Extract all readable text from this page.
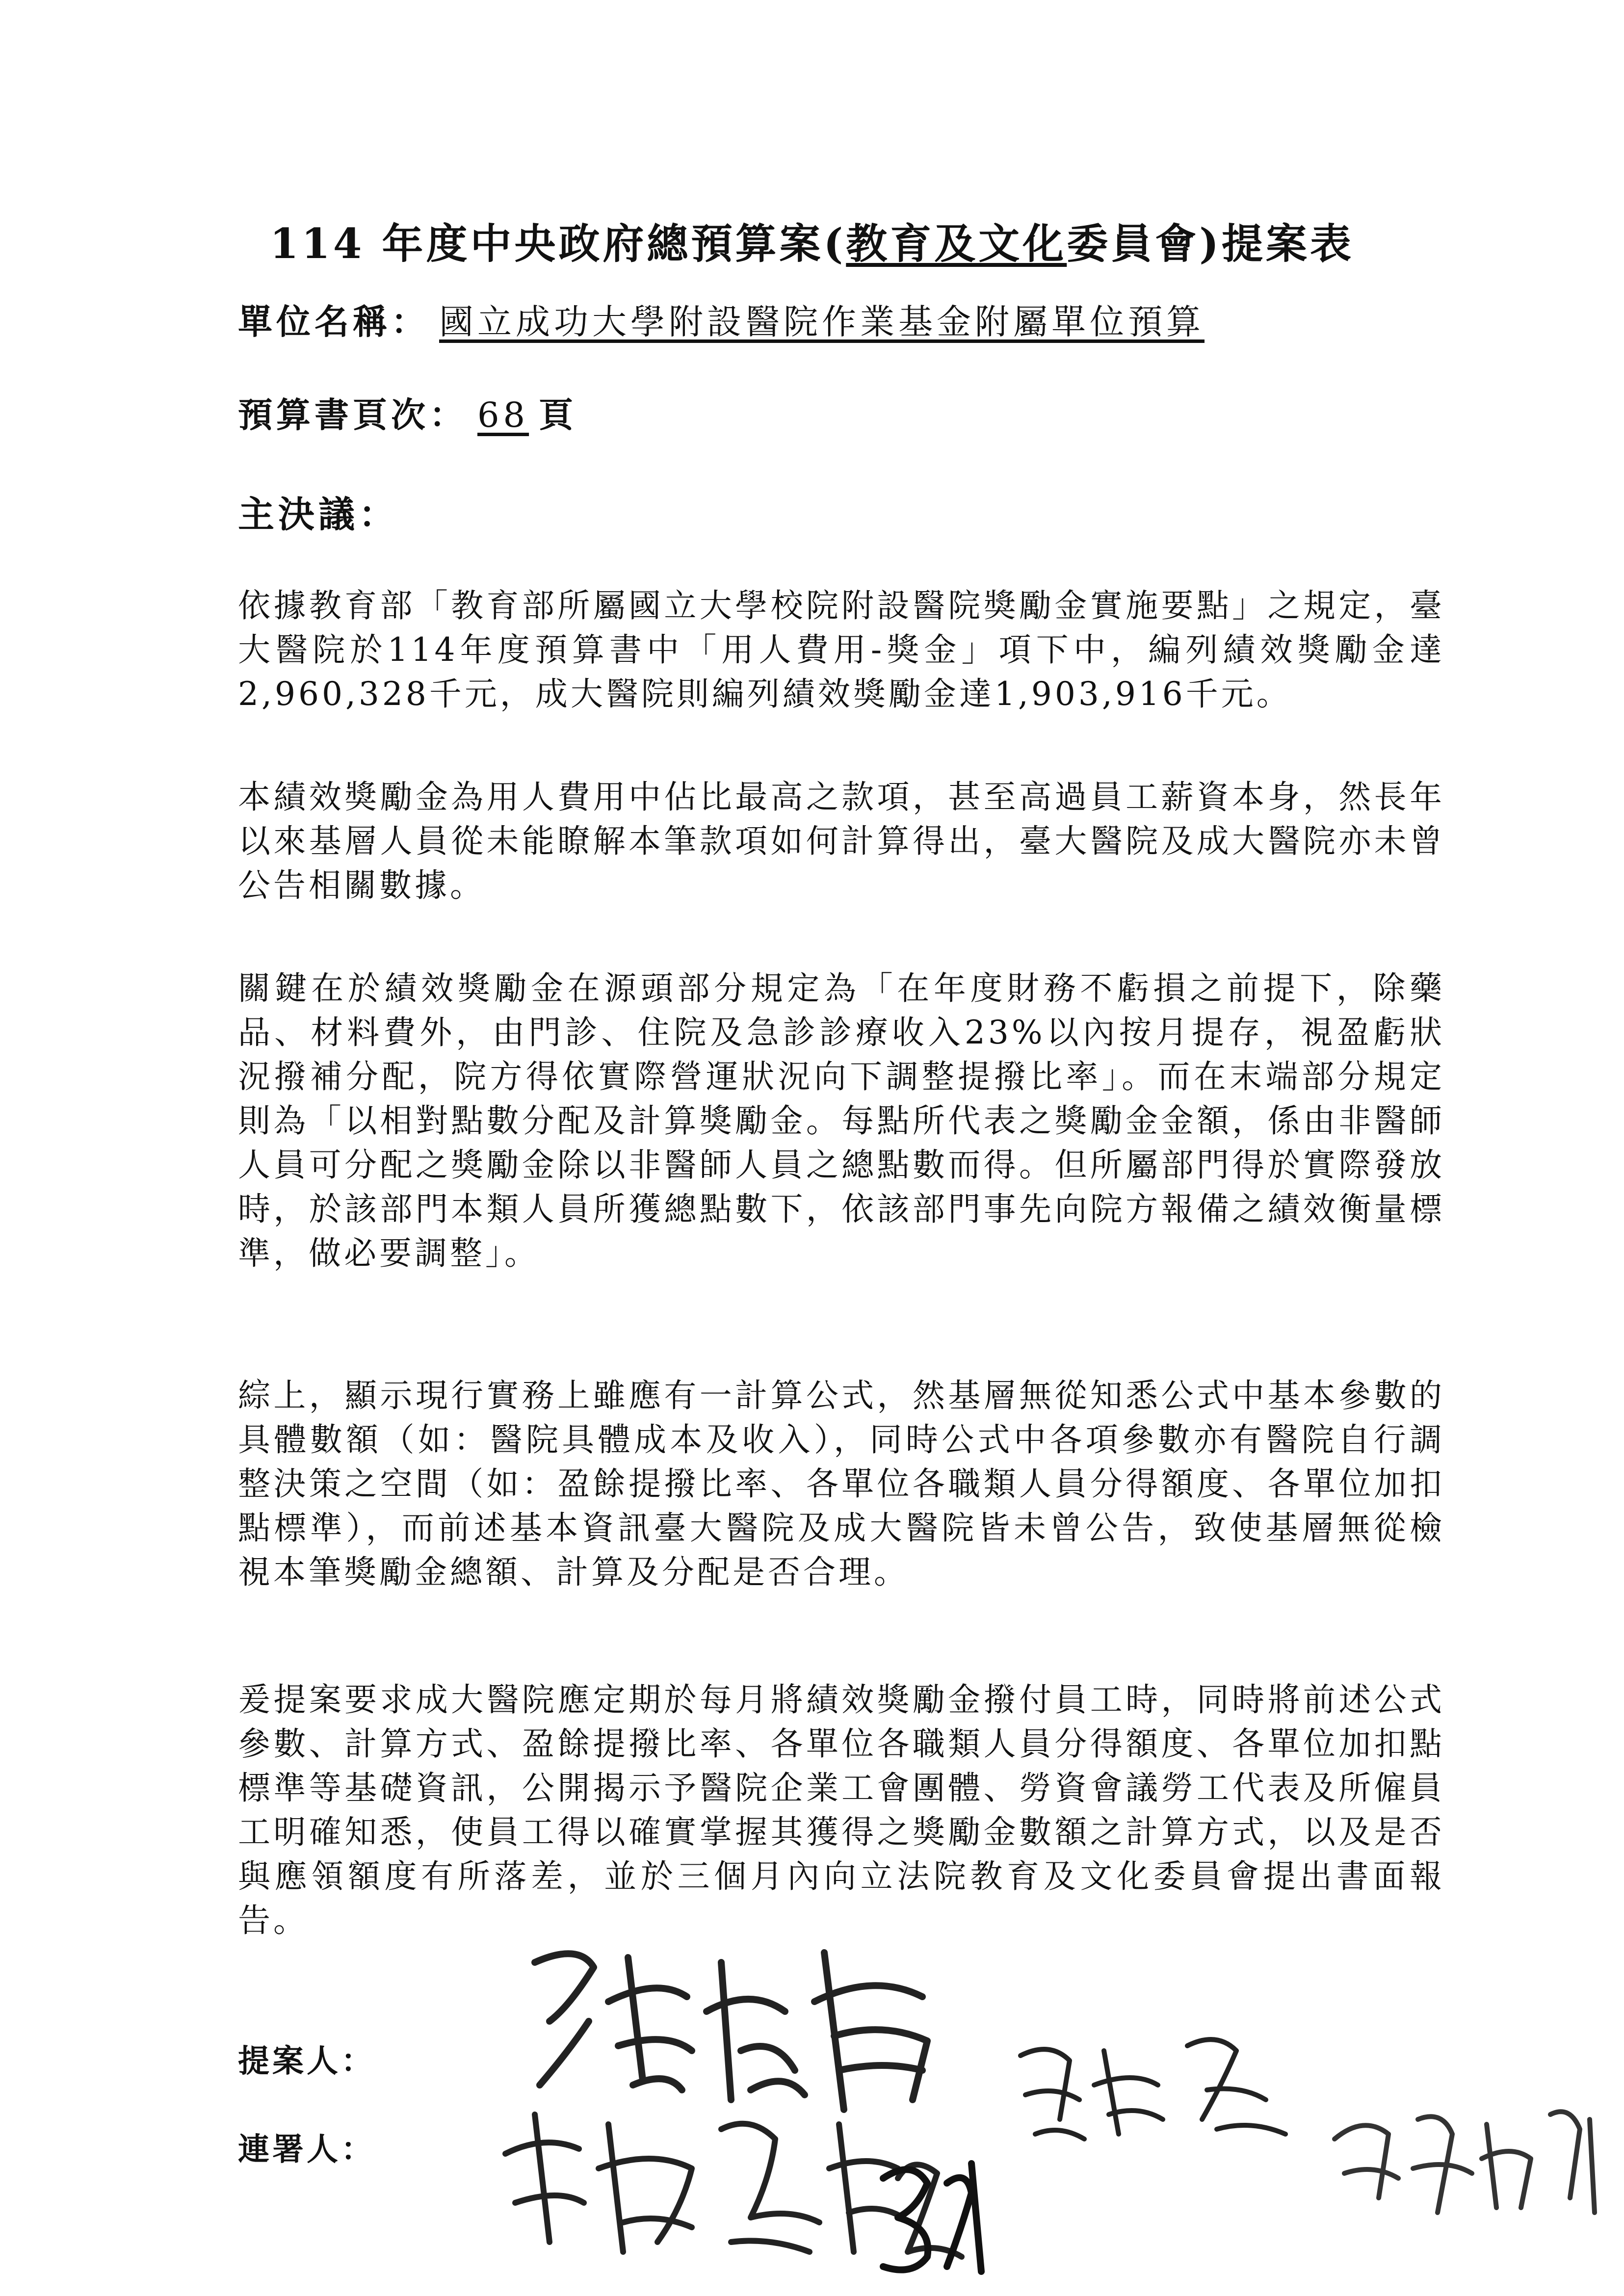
114 年度中央政府總預算案(教育及文化委員會)提案表
單位名稱： 國立成功大學附設醫院作業基金附屬單位預算
預算書頁次： 68 頁
主決議：

依據教育部「教育部所屬國立大學校院附設醫院獎勵金實施要點」之規定，臺大醫院於114年度預算書中「用人費用-獎金」項下中，編列績效獎勵金達2,960,328千元，成大醫院則編列績效獎勵金達1,903,916千元。

本績效獎勵金為用人費用中佔比最高之款項，甚至高過員工薪資本身，然長年以來基層人員從未能瞭解本筆款項如何計算得出，臺大醫院及成大醫院亦未曾公告相關數據。

關鍵在於績效獎勵金在源頭部分規定為「在年度財務不虧損之前提下，除藥品、材料費外，由門診、住院及急診診療收入23%以內按月提存，視盈虧狀況撥補分配，院方得依實際營運狀況向下調整提撥比率」。而在末端部分規定則為「以相對點數分配及計算獎勵金。每點所代表之獎勵金金額，係由非醫師人員可分配之獎勵金除以非醫師人員之總點數而得。但所屬部門得於實際發放時，於該部門本類人員所獲總點數下，依該部門事先向院方報備之績效衡量標準，做必要調整」。

綜上，顯示現行實務上雖應有一計算公式，然基層無從知悉公式中基本參數的具體數額（如：醫院具體成本及收入），同時公式中各項參數亦有醫院自行調整決策之空間（如：盈餘提撥比率、各單位各職類人員分得額度、各單位加扣點標準），而前述基本資訊臺大醫院及成大醫院皆未曾公告，致使基層無從檢視本筆獎勵金總額、計算及分配是否合理。

爰提案要求成大醫院應定期於每月將績效獎勵金撥付員工時，同時將前述公式參數、計算方式、盈餘提撥比率、各單位各職類人員分得額度、各單位加扣點標準等基礎資訊，公開揭示予醫院企業工會團體、勞資會議勞工代表及所僱員工明確知悉，使員工得以確實掌握其獲得之獎勵金數額之計算方式，以及是否與應領額度有所落差，並於三個月內向立法院教育及文化委員會提出書面報告。

提案人：
連署人：
